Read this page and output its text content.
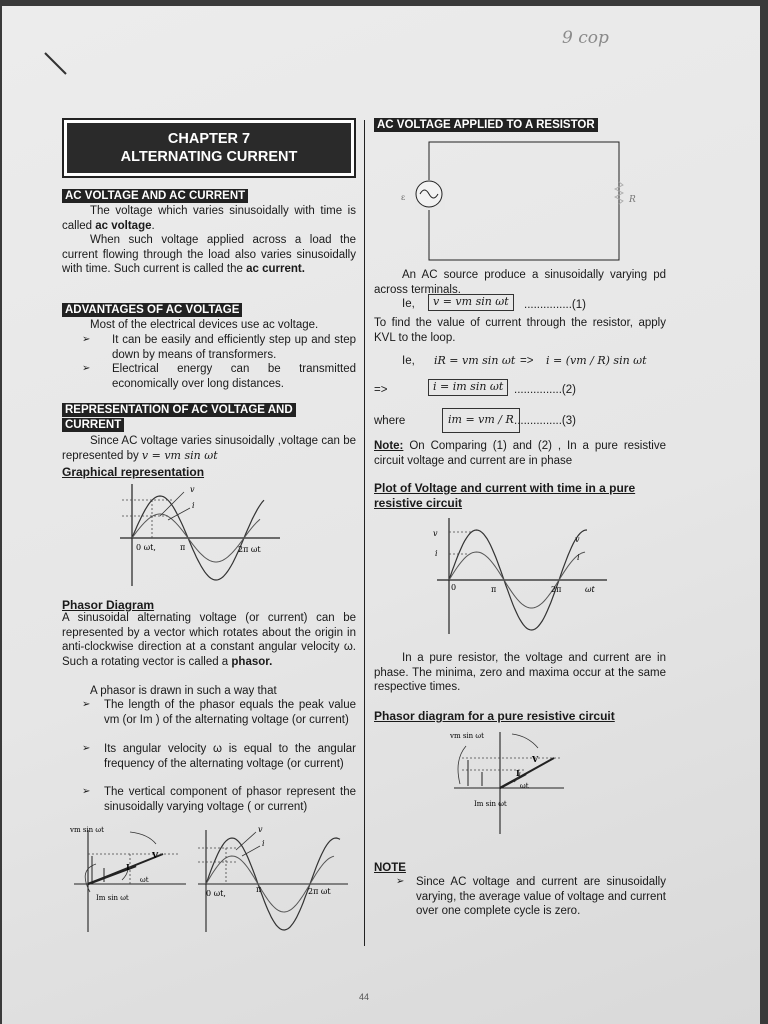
9 cop
CHAPTER 7
ALTERNATING CURRENT
AC VOLTAGE AND AC CURRENT
The voltage which varies sinusoidally with time is called ac voltage.
When such voltage applied across a load the current flowing through the load also varies sinusoidally with time. Such current is called the ac current.
ADVANTAGES OF AC VOLTAGE
Most of the electrical devices use ac voltage.
➢	It can be easily and efficiently step up and step down by means of transformers.
➢	Electrical energy can be transmitted economically over long distances.
REPRESENTATION OF AC VOLTAGE AND
CURRENT
Since AC voltage varies sinusoidally ,voltage can be represented by v = vm sin ωt
Graphical representation
v
i
0 ωt,	π	2π ωt
Phasor Diagram
A sinusoidal alternating voltage (or current) can be represented by a vector which rotates about the origin in anti-clockwise direction at a constant angular velocity ω. Such a rotating vector is called a phasor.
A phasor is drawn in such a way that
➢	The length of the phasor equals the peak value vm (or Im ) of the alternating voltage (or current)
➢	Its angular velocity ω is equal to the angular frequency of the alternating voltage (or current)
➢	The vertical component of phasor represent the sinusoidally varying voltage ( or current)
vm sin ωt
V
I
ωt
Im sin ωt
v
i
0 ωt,	π	2π ωt
AC VOLTAGE APPLIED TO A RESISTOR
ε	R
An AC source produce a sinusoidally varying pd across terminals.
Ie,	v = vm sin ωt	...............(1)
To find the value of current through the resistor, apply KVL to the loop.
Ie, iR = vm sin ωt => i = (vm / R) sin ωt
=>	i = im sin ωt ...............(2)
where	im = vm / R ...............(3)
Note: On Comparing (1) and (2) , In a pure resistive circuit voltage and current are in phase
Plot of Voltage and current with time in a pure resistive circuit
v
i
v
i
0	π	2π	ωt
In a pure resistor, the voltage and current are in phase. The minima, zero and maxima occur at the same respective times.
Phasor diagram for a pure resistive circuit
vm sin ωt
V
I
ωt
Im sin ωt
NOTE
➢	Since AC voltage and current are sinusoidally varying, the average value of voltage and current over one complete cycle is zero.
44
